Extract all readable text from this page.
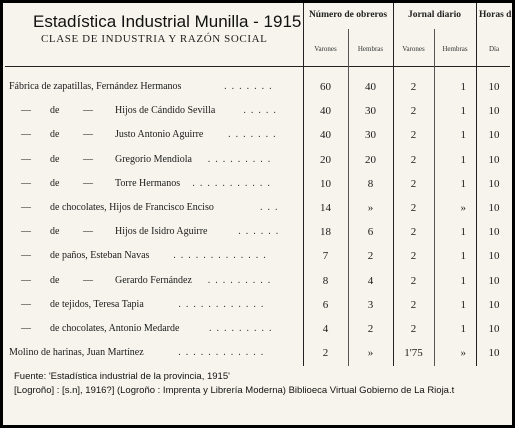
Estadística Industrial Munilla - 1915
CLASE DE INDUSTRIA Y RAZÓN SOCIAL
Número de obreros	Jornal diario	Horas d
Varones	Hembras	Varones	Hembras	Día
Fábrica de zapatillas, Fernández Hermanos	.......	60	40	2	1	10
— de — Hijos de Cándido Sevilla	.....	40	30	2	1	10
— de — Justo Antonio Aguirre .......	40	30	2	1	10
— de — Gregorio Mendiola .........	20	20	2	1	10
— de — Torre Hermanos ...........	10	8	2	1	10
— de chocolates, Hijos de Francisco Enciso	...	14	»	2	»	10
— de — Hijos de Isidro Aguirre	......	18	6	2	1	10
— de paños, Esteban Navas .............	7	2	2	1	10
— de — Gerardo Fernández .........	8	4	2	1	10
— de tejidos, Teresa Tapia	............	6	3	2	1	10
— de chocolates, Antonio Medarde	.........	4	2	2	1	10
Molino de harinas, Juan Martínez	............	2	»	1'75	»	10
Fuente: 'Estadística industrial de la provincia, 1915'
[Logroño] : [s.n], 1916?] (Logroño : Imprenta y Librería Moderna) Biblioeca Virtual Gobierno de La Rioja.t
